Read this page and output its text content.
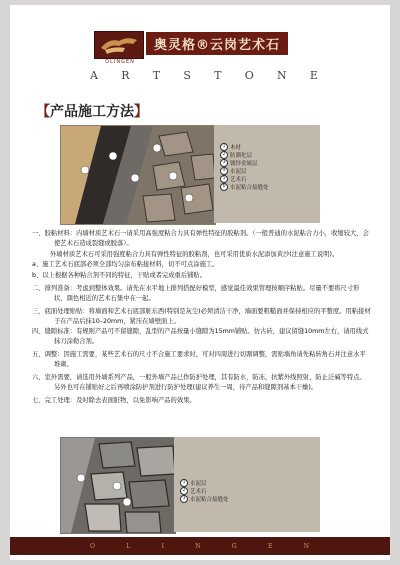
奥灵格®云岗艺术石
OLINGEN
A R T S T O N E
【产品施工方法】
1 木材
2 防潮化层
3 镀锌金属层
4 水泥层
5 艺术石
6 水泥粘合接缝处

一、胶粘材料：内墙材质艺术石一请采用高强度粘合力具有弹性特征的胶粘剂。（一般普通的水泥粘合力小，收缩较大，会使艺术石造成裂缝或脱落）。

外墙材质艺术石可采用强度粘合力具有弹性特征的胶粘剂，也可采用优质水泥添加黄沙(注意施工说明)。

a、施工艺术石底部必须全部均匀涂布粘接材料，切不可点涂施工。

b、以上根据各种粘合剂不同的特征，干贴或者完成重后铺贴。

二、排列准备：考虑到整体效果。请先在水平地上排列搭配好模型，感觉最佳效果管理按顺序粘贴。尽量不要将尺寸形状、颜色相近的艺术石集中在一起。

三、底面处理贴贴：将墙面和艺术石底部脏东西(特别是灰尘)必须清洁干净，墙面要粗糙面并保持相应的平整度。用粘接材于在产品后抹10–20mm，紧压在墙壁面上。

四、缝隙标准：有规则产品可不留缝隙，乱型的产品按量小缝隙为15mm铺贴。仿古砖，建议留缝10mm左右，请用线式抹刀涂勒合剂。

五、调整：因施工需要，某些艺术石的尺寸不合施工要求时，可对四周进行切割调整，需贴墙角请先粘转角石并注意水平堆砌。

六、室外需要，请选用外墙系列产品，一般外墙产品已作防护处理，其有防水，防冻，抗紫外线照射，防止泛碱等特点。另外也可在铺贴好之后再喷涂防护剂进行防护处理(建议养生一周，待产品和缝隙剂基本干燥)。

七、完工处理：及时除去表面脏物，以免影响产品的效果。

1 水泥层
2 艺术石
3 水泥粘合接缝处
O	L	I	N	G	E	N
